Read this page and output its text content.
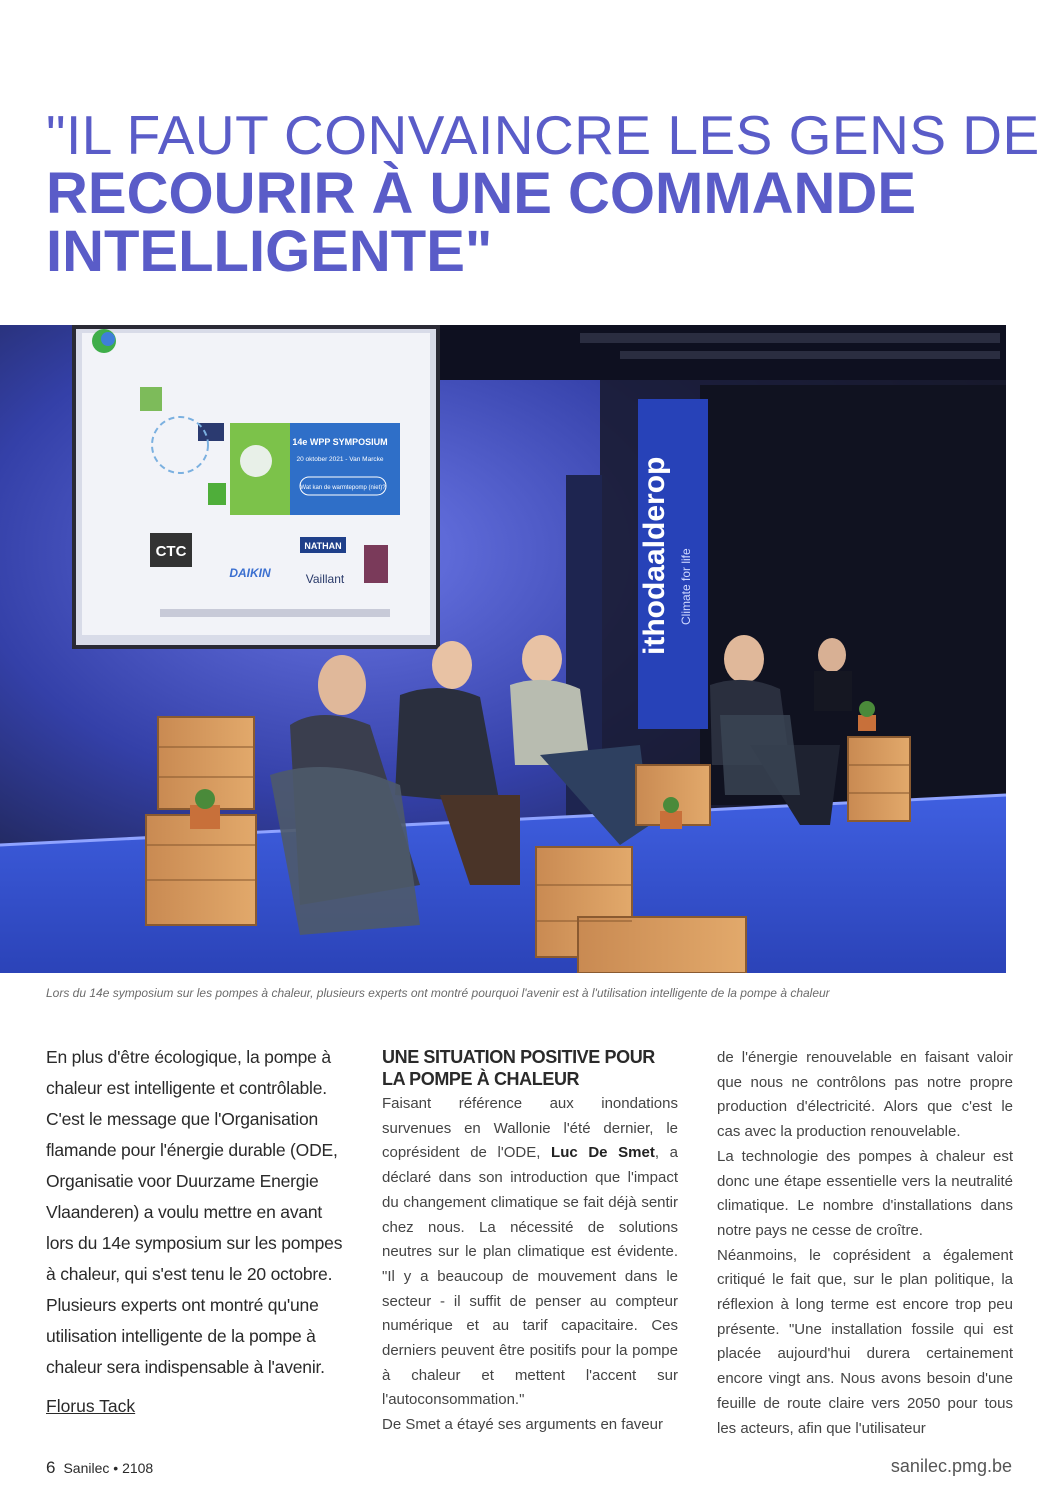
"IL FAUT CONVAINCRE LES GENS DE
RECOURIR À UNE COMMANDE
INTELLIGENTE"
14e WPP SYMPOSIUM
20 oktober 2021 - Van Marcke
Wat kan de warmtepomp (niet)?
CTC
DAIKIN
NATHAN
Vaillant	ithodaalderop Climate for life
Lors du 14e symposium sur les pompes à chaleur, plusieurs experts ont montré pourquoi l'avenir est à l'utilisation intelligente de la pompe à chaleur

En plus d'être écologique, la pompe à chaleur est intelligente et contrôlable. C'est le message que l'Organisation flamande pour l'énergie durable (ODE, Organisatie voor Duurzame Energie Vlaanderen) a voulu mettre en avant lors du 14e symposium sur les pompes à chaleur, qui s'est tenu le 20 octobre. Plusieurs experts ont montré qu'une utilisation intelligente de la pompe à chaleur sera indispensable à l'avenir.

Florus Tack
UNE SITUATION POSITIVE POUR
LA POMPE À CHALEUR

Faisant référence aux inondations survenues en Wallonie l'été dernier, le coprésident de l'ODE, Luc De Smet, a déclaré dans son introduction que l'impact du changement climatique se fait déjà sentir chez nous. La nécessité de solutions neutres sur le plan climatique est évidente. "Il y a beaucoup de mouvement dans le secteur - il suffit de penser au compteur numérique et au tarif capacitaire. Ces derniers peuvent être positifs pour la pompe à chaleur et mettent l'accent sur l'autoconsommation."

De Smet a étayé ses arguments en faveur

de l'énergie renouvelable en faisant valoir que nous ne contrôlons pas notre propre production d'électricité. Alors que c'est le cas avec la production renouvelable.

La technologie des pompes à chaleur est donc une étape essentielle vers la neutralité climatique. Le nombre d'installations dans notre pays ne cesse de croître.

Néanmoins, le coprésident a également critiqué le fait que, sur le plan politique, la réflexion à long terme est encore trop peu présente. "Une installation fossile qui est placée aujourd'hui durera certainement encore vingt ans. Nous avons besoin d'une feuille de route claire vers 2050 pour tous les acteurs, afin que l'utilisateur

6 Sanilec • 2108	sanilec.pmg.be
